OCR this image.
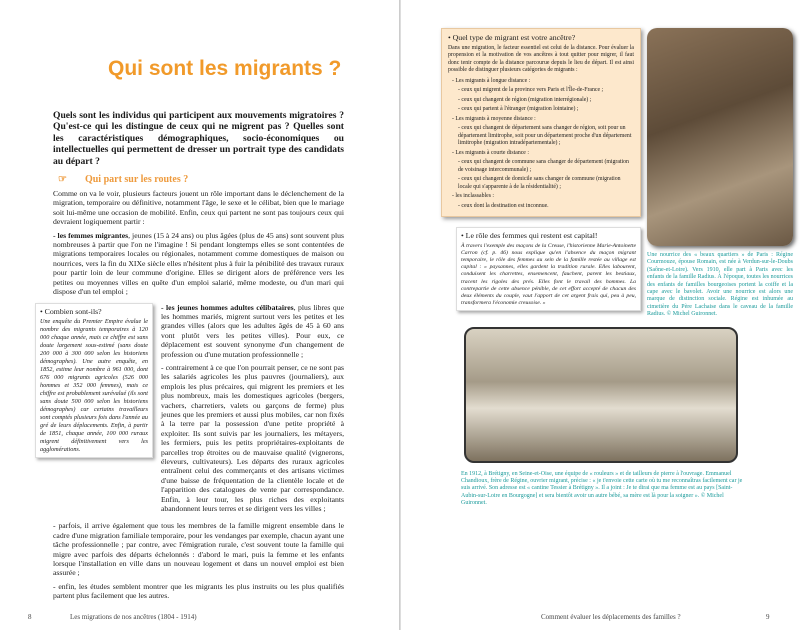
Qui sont les migrants ?
Quels sont les individus qui participent aux mouvements migratoires ? Qu'est-ce qui les distingue de ceux qui ne migrent pas ? Quelles sont les caractéristiques démographiques, socio-économiques ou intellectuelles qui permettent de dresser un portrait type des candidats au départ ?
☞ Qui part sur les routes ?

Comme on va le voir, plusieurs facteurs jouent un rôle important dans le déclenchement de la migration, temporaire ou définitive, notamment l'âge, le sexe et le célibat, bien que le mariage soit lui-même une occasion de mobilité. Enfin, ceux qui partent ne sont pas toujours ceux qui devraient logiquement partir :

- les femmes migrantes, jeunes (15 à 24 ans) ou plus âgées (plus de 45 ans) sont souvent plus nombreuses à partir que l'on ne l'imagine ! Si pendant longtemps elles se sont contentées de migrations temporaires locales ou régionales, notamment comme domestiques de maison ou nourrices, vers la fin du XIXe siècle elles n'hésitent plus à fuir la pénibilité des travaux ruraux pour partir loin de leur commune d'origine. Elles se dirigent alors de préférence vers les petites ou moyennes villes en quête d'un emploi salarié, même modeste, ou d'un mari qui dispose d'un tel emploi ;

• Combien sont-ils?

Une enquête du Premier Empire évalue le nombre des migrants temporaires à 120 000 chaque année, mais ce chiffre est sans doute largement sous-estimé (sans doute 200 000 à 300 000 selon les historiens démographes). Une autre enquête, en 1852, estime leur nombre à 961 000, dont 676 000 migrants agricoles (526 000 hommes et 352 000 femmes), mais ce chiffre est probablement surévalué (ils sont sans doute 500 000 selon les historiens démographes) car certains travailleurs sont comptés plusieurs fois dans l'année au gré de leurs déplacements. Enfin, à partir de 1851, chaque année, 100 000 ruraux migrent définitivement vers les agglomérations.

- les jeunes hommes adultes célibataires, plus libres que les hommes mariés, migrent surtout vers les petites et les grandes villes (alors que les adultes âgés de 45 à 60 ans vont plutôt vers les petites villes). Pour eux, ce déplacement est souvent synonyme d'un changement de profession ou d'une mutation professionnelle ;

- contrairement à ce que l'on pourrait penser, ce ne sont pas les salariés agricoles les plus pauvres (journaliers), aux emplois les plus précaires, qui migrent les premiers et les plus nombreux, mais les domestiques agricoles (bergers, vachers, charretiers, valets ou garçons de ferme) plus jeunes que les premiers et aussi plus mobiles, car non fixés à la terre par la possession d'une petite propriété à exploiter. Ils sont suivis par les journaliers, les métayers, les fermiers, puis les petits propriétaires-exploitants de parcelles trop étroites ou de mauvaise qualité (vignerons, éleveurs, cultivateurs). Les départs des ruraux agricoles entraînent celui des commerçants et des artisans victimes d'une baisse de fréquentation de la clientèle locale et de l'apparition des catalogues de vente par correspondance. Enfin, à leur tour, les plus riches des exploitants abandonnent leurs terres et se dirigent vers les villes ;

- parfois, il arrive également que tous les membres de la famille migrent ensemble dans le cadre d'une migration familiale temporaire, pour les vendanges par exemple, chacun ayant une tâche professionnelle ; par contre, avec l'émigration rurale, c'est souvent toute la famille qui migre avec parfois des départs échelonnés : d'abord le mari, puis la femme et les enfants lorsque l'installation en ville dans un nouveau logement et dans un nouvel emploi est bien assurée ;

- enfin, les études semblent montrer que les migrants les plus instruits ou les plus qualifiés partent plus facilement que les autres.

8	Les migrations de nos ancêtres (1804 - 1914)
• Quel type de migrant est votre ancêtre?

Dans une migration, le facteur essentiel est celui de la distance. Pour évaluer la propension et la motivation de vos ancêtres à tout quitter pour migrer, il faut donc tenir compte de la distance parcourue depuis le lieu de départ. Il est ainsi possible de distinguer plusieurs catégories de migrants :

- Les migrants à longue distance :
- ceux qui migrent de la province vers Paris et l'Île-de-France ;
- ceux qui changent de région (migration interrégionale) ;
- ceux qui partent à l'étranger (migration lointaine) ;
- Les migrants à moyenne distance :
- ceux qui changent de département sans changer de région, soit pour un département limitrophe, soit pour un département proche d'un département limitrophe (migration intradépartementale) ;
- Les migrants à courte distance :
- ceux qui changent de commune sans changer de département (migration de voisinage intercommunale) ;
- ceux qui changent de domicile sans changer de commune (migration locale qui s'apparente à de la résidentialité) ;
- les inclassables :
- ceux dont la destination est inconnue.
• Le rôle des femmes qui restent est capital!

À travers l'exemple des maçons de la Creuse, l'historienne Marie-Antoinette Carron (cf. p. 46) nous explique qu'en l'absence du maçon migrant temporaire, le rôle des femmes au sein de la famille restée au village est capital : « paysannes, elles gardent la tradition rurale. Elles labourent, conduisent les charrettes, ensemencent, fauchent, parent les bestiaux, tracent les rigoles des prés. Elles font le travail des hommes. La contrepartie de cette absence pénible, de cet effort accepté de chacun des deux éléments du couple, vaut l'apport de cet argent frais qui, peu à peu, transformera l'économie creusoise. »

Une nourrice des « beaux quartiers » de Paris : Régine Courmouze, épouse Romain, est née à Verdun-sur-le-Doubs (Saône-et-Loire). Vers 1910, elle part à Paris avec les enfants de la famille Radius. À l'époque, toutes les nourrices des enfants de familles bourgeoises portent la coiffe et la cape avec le bavolet. Avoir une nourrice est alors une marque de distinction sociale. Régine est inhumée au cimetière du Père Lachaise dans le caveau de la famille Radius. © Michel Guironnet.
En 1912, à Brétigny, en Seine-et-Oise, une équipe de « rouleurs » et de tailleurs de pierre à l'ouvrage. Emmanuel Chandioux, frère de Régine, ouvrier migrant, précise : « je t'envoie cette carte où tu me reconnaîtras facilement car je suis arrivé. Son adresse est « cantine Tessier à Brétigny ». Il a joint : Je te dirai que ma femme est au pays [Saint-Aubin-sur-Loire en Bourgogne] et sera bientôt avoir un autre bébé, sa mère est là pour la soigner ». © Michel Guironnet.
Comment évaluer les déplacements des familles ?	9
